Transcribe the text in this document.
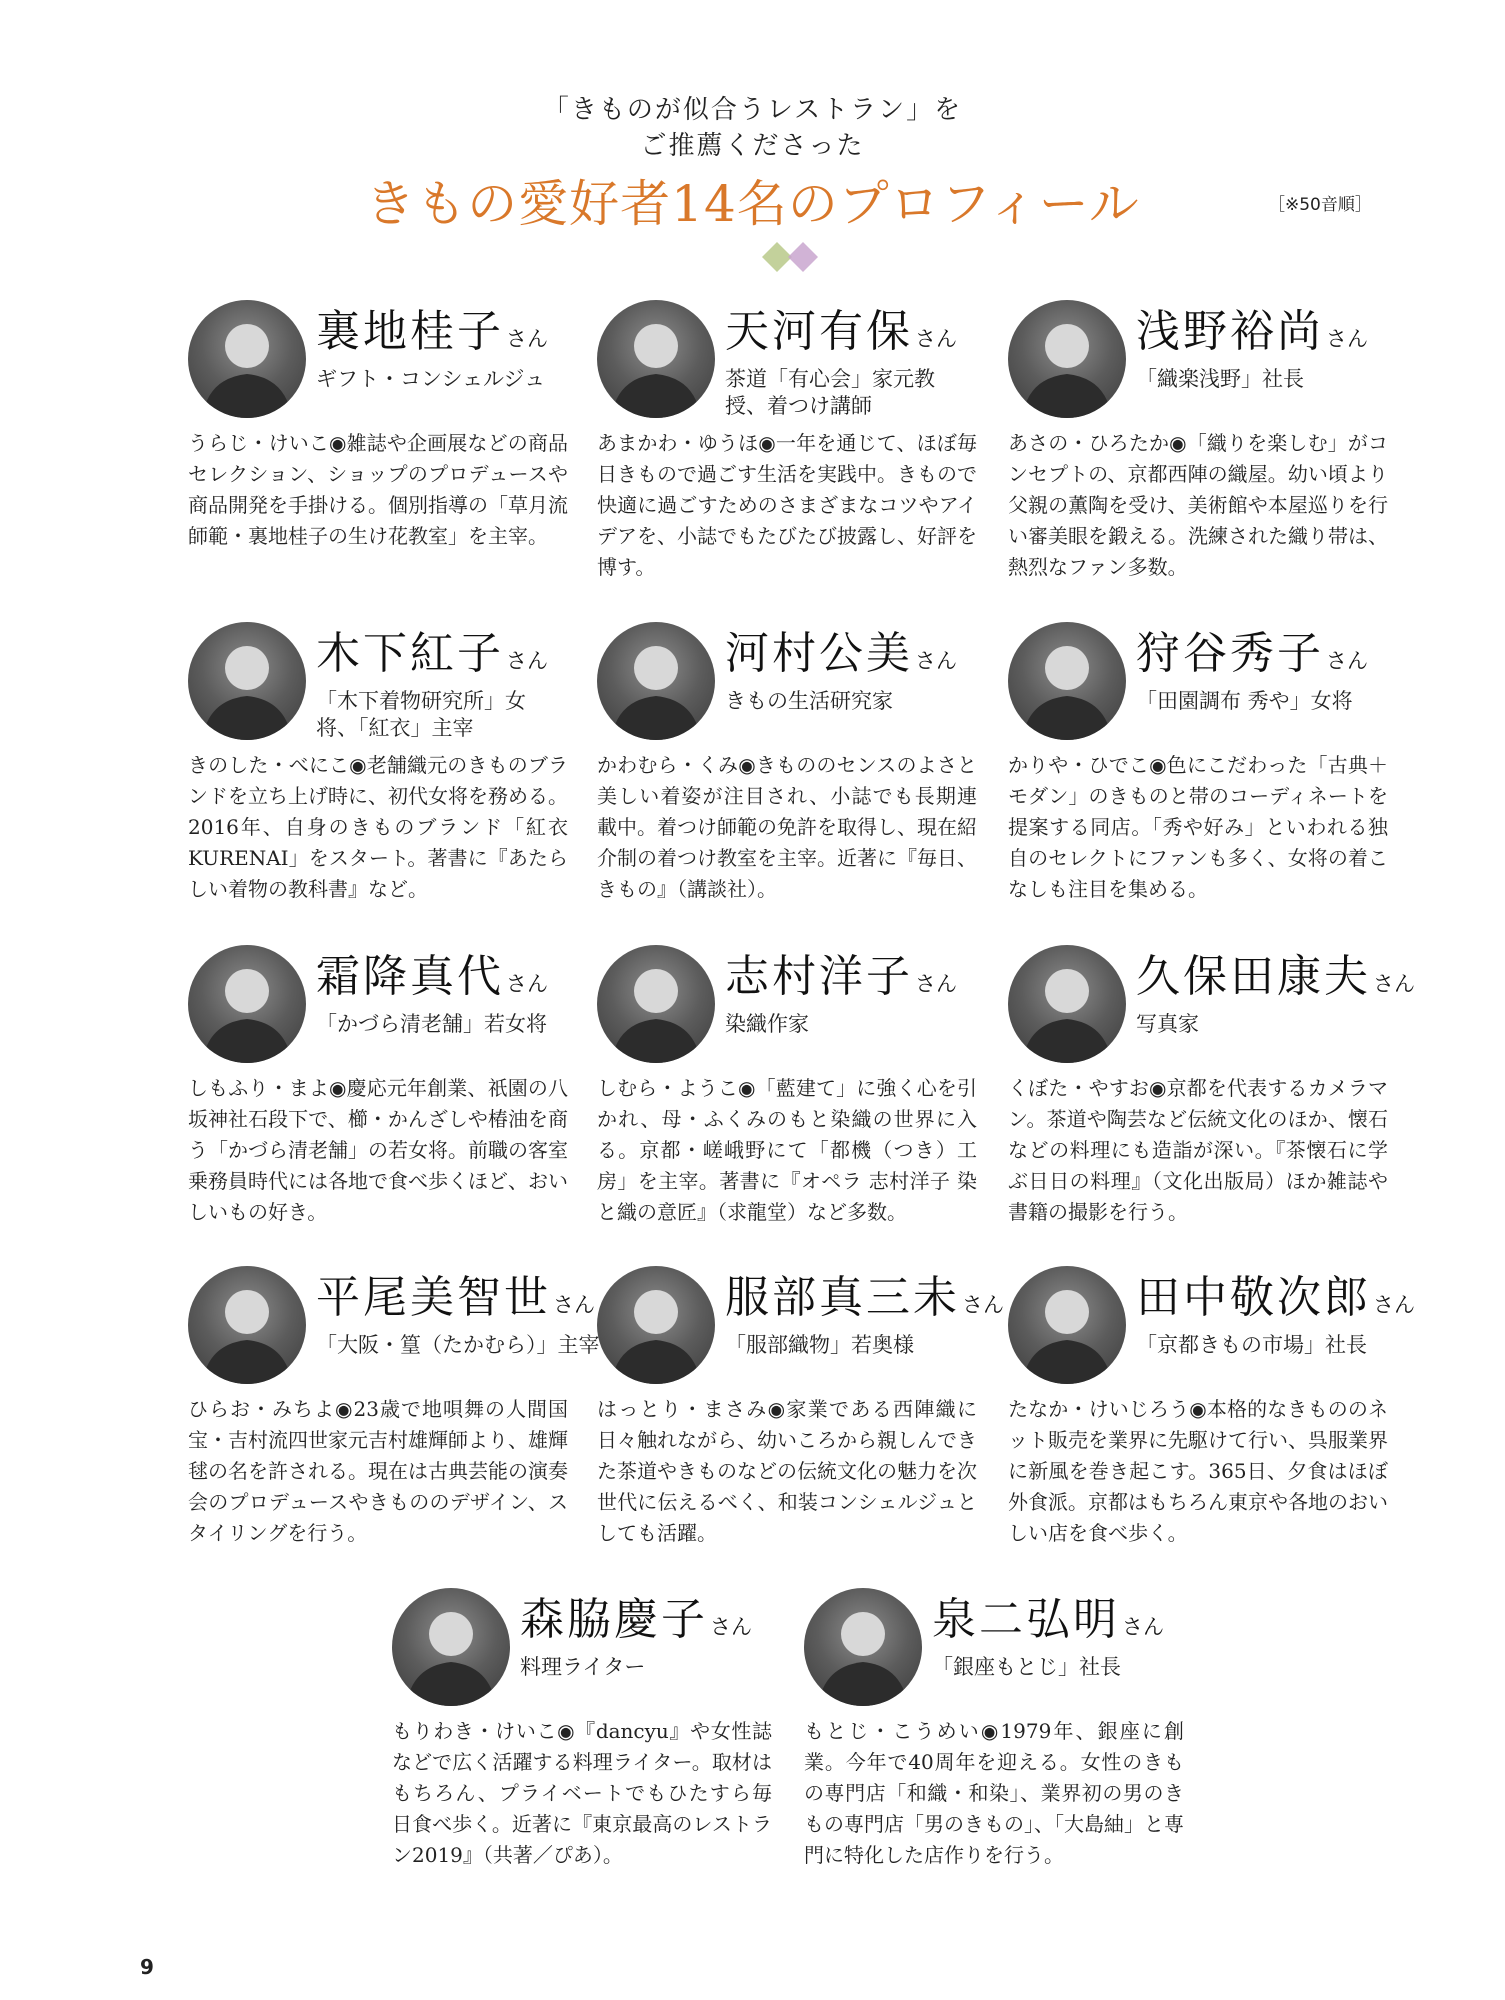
「きものが似合うレストラン」を
ご推薦くださった
きもの愛好者14名のプロフィール	［※50音順］
裏地桂子さん
ギフト・コンシェルジュ
うらじ・けいこ◉雑誌や企画展などの商品セレクション、ショップのプロデュースや商品開発を手掛ける。個別指導の「草月流師範・裏地桂子の生け花教室」を主宰。
天河有保さん
茶道「有心会」家元教授、着つけ講師
あまかわ・ゆうほ◉一年を通じて、ほぼ毎日きもので過ごす生活を実践中。きもので快適に過ごすためのさまざまなコツやアイデアを、小誌でもたびたび披露し、好評を博す。
浅野裕尚さん
「織楽浅野」社長
あさの・ひろたか◉「織りを楽しむ」がコンセプトの、京都西陣の織屋。幼い頃より父親の薫陶を受け、美術館や本屋巡りを行い審美眼を鍛える。洗練された織り帯は、熱烈なファン多数。
木下紅子さん
「木下着物研究所」女将、「紅衣」主宰
きのした・べにこ◉老舗織元のきものブランドを立ち上げ時に、初代女将を務める。2016年、自身のきものブランド「紅衣 KURENAI」をスタート。著書に『あたらしい着物の教科書』など。
河村公美さん
きもの生活研究家
かわむら・くみ◉きもののセンスのよさと美しい着姿が注目され、小誌でも長期連載中。着つけ師範の免許を取得し、現在紹介制の着つけ教室を主宰。近著に『毎日、きもの』（講談社）。
狩谷秀子さん
「田園調布 秀や」女将
かりや・ひでこ◉色にこだわった「古典＋モダン」のきものと帯のコーディネートを提案する同店。「秀や好み」といわれる独自のセレクトにファンも多く、女将の着こなしも注目を集める。
霜降真代さん
「かづら清老舗」若女将
しもふり・まよ◉慶応元年創業、祇園の八坂神社石段下で、櫛・かんざしや椿油を商う「かづら清老舗」の若女将。前職の客室乗務員時代には各地で食べ歩くほど、おいしいもの好き。
志村洋子さん
染織作家
しむら・ようこ◉「藍建て」に強く心を引かれ、母・ふくみのもと染織の世界に入る。京都・嵯峨野にて「都機（つき）工房」を主宰。著書に『オペラ 志村洋子 染と織の意匠』（求龍堂）など多数。
久保田康夫さん
写真家
くぼた・やすお◉京都を代表するカメラマン。茶道や陶芸など伝統文化のほか、懐石などの料理にも造詣が深い。『茶懐石に学ぶ日日の料理』（文化出版局）ほか雑誌や書籍の撮影を行う。
平尾美智世さん
「大阪・篁（たかむら）」主宰
ひらお・みちよ◉23歳で地唄舞の人間国宝・吉村流四世家元吉村雄輝師より、雄輝毬の名を許される。現在は古典芸能の演奏会のプロデュースやきもののデザイン、スタイリングを行う。
服部真三未さん
「服部織物」若奥様
はっとり・まさみ◉家業である西陣織に日々触れながら、幼いころから親しんできた茶道やきものなどの伝統文化の魅力を次世代に伝えるべく、和装コンシェルジュとしても活躍。
田中敬次郎さん
「京都きもの市場」社長
たなか・けいじろう◉本格的なきもののネット販売を業界に先駆けて行い、呉服業界に新風を巻き起こす。365日、夕食はほぼ外食派。京都はもちろん東京や各地のおいしい店を食べ歩く。
森脇慶子さん
料理ライター
もりわき・けいこ◉『dancyu』や女性誌などで広く活躍する料理ライター。取材はもちろん、プライベートでもひたすら毎日食べ歩く。近著に『東京最高のレストラン2019』（共著／ぴあ）。
泉二弘明さん
「銀座もとじ」社長
もとじ・こうめい◉1979年、銀座に創業。今年で40周年を迎える。女性のきもの専門店「和織・和染」、業界初の男のきもの専門店「男のきもの」、「大島紬」と専門に特化した店作りを行う。
9
